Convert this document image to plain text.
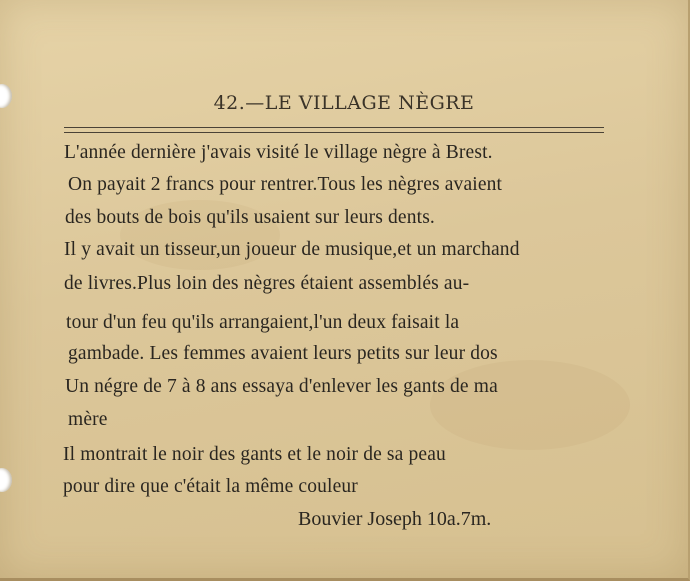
42.—LE VILLAGE NÈGRE
L'année dernière j'avais visité le village nègre à Brest.
On payait 2 francs pour rentrer.Tous les nègres avaient
des bouts de bois qu'ils usaient sur leurs dents.
Il y avait un tisseur,un joueur de musique,et un marchand
de livres.Plus loin des nègres étaient assemblés au-
tour d'un feu qu'ils arrangaient,l'un deux faisait la
gambade. Les femmes avaient leurs petits sur leur dos
Un négre de 7 à 8 ans essaya d'enlever les gants de ma
mère
Il montrait le noir des gants et le noir de sa peau
pour dire que c'était la même couleur
Bouvier Joseph 10a.7m.
